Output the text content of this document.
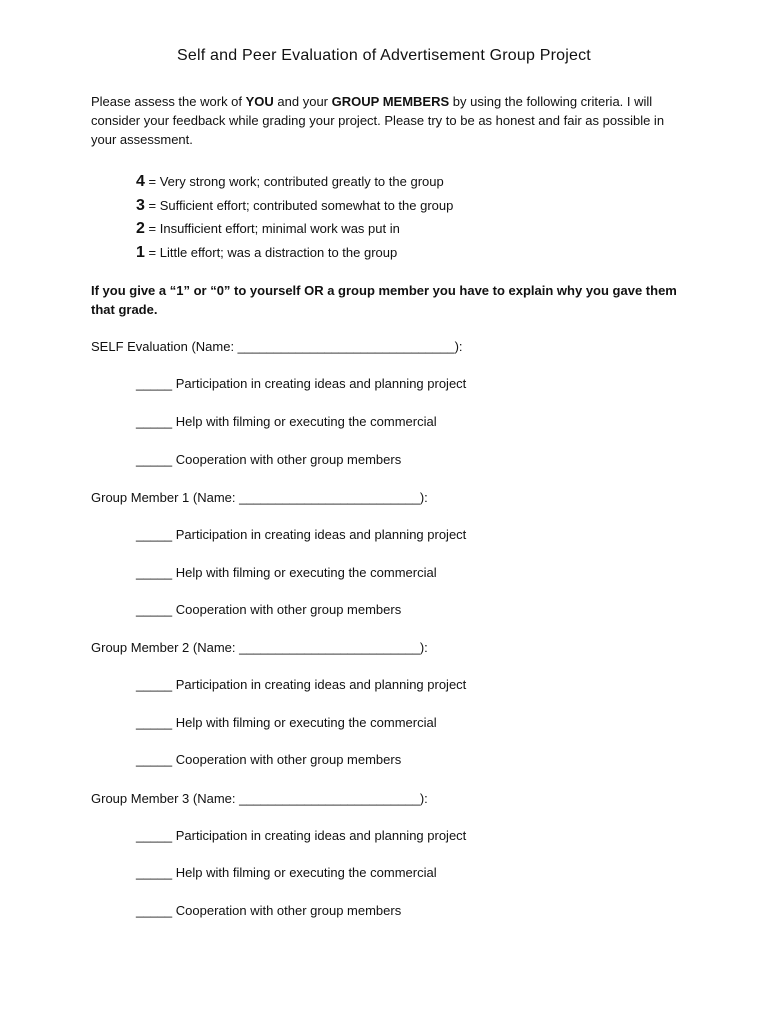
Self and Peer Evaluation of Advertisement Group Project
Please assess the work of YOU and your GROUP MEMBERS by using the following criteria. I will consider your feedback while grading your project. Please try to be as honest and fair as possible in your assessment.
4 = Very strong work; contributed greatly to the group
3 = Sufficient effort; contributed somewhat to the group
2 = Insufficient effort; minimal work was put in
1 = Little effort; was a distraction to the group
If you give a “1” or “0” to yourself OR a group member you have to explain why you gave them that grade.
SELF Evaluation (Name: ______________________________):
_____ Participation in creating ideas and planning project
_____ Help with filming or executing the commercial
_____ Cooperation with other group members
Group Member 1 (Name: _________________________):
_____ Participation in creating ideas and planning project
_____ Help with filming or executing the commercial
_____ Cooperation with other group members
Group Member 2 (Name: _________________________):
_____ Participation in creating ideas and planning project
_____ Help with filming or executing the commercial
_____ Cooperation with other group members
Group Member 3 (Name: _________________________):
_____ Participation in creating ideas and planning project
_____ Help with filming or executing the commercial
_____ Cooperation with other group members
